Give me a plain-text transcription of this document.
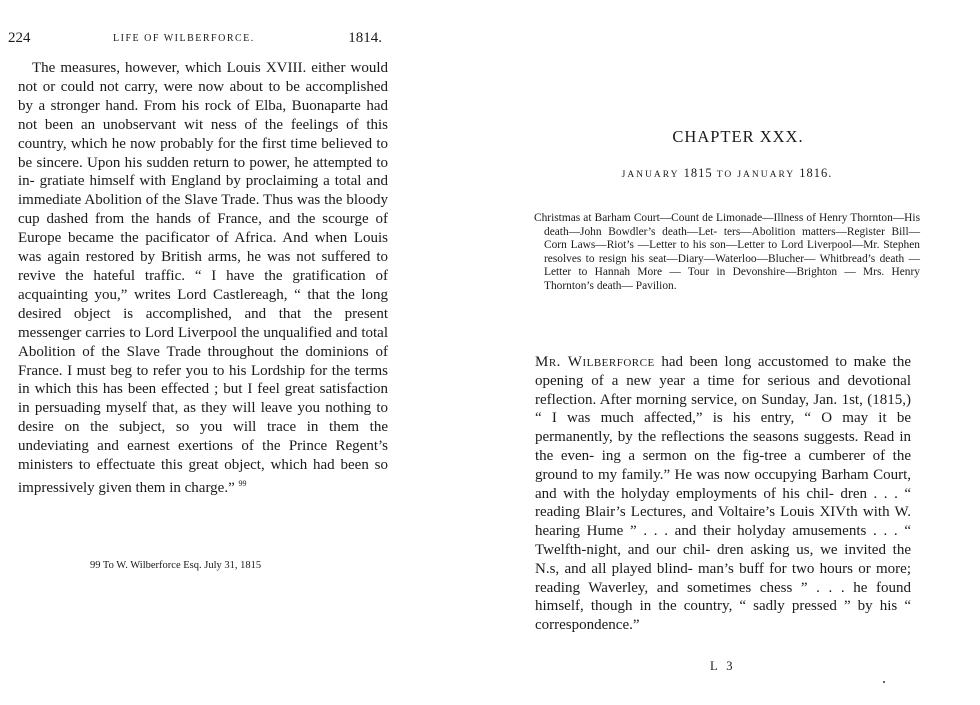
224	LIFE OF WILBERFORCE.	1814.
The measures, however, which Louis XVIII. either would not or could not carry, were now about to be accomplished by a stronger hand. From his rock of Elba, Buonaparte had not been an unobservant wit ness of the feelings of this country, which he now probably for the first time believed to be sincere. Upon his sudden return to power, he attempted to in- gratiate himself with England by proclaiming a total and immediate Abolition of the Slave Trade. Thus was the bloody cup dashed from the hands of France, and the scourge of Europe became the pacificator of Africa. And when Louis was again restored by British arms, he was not suffered to revive the hateful traffic. “ I have the gratification of acquainting you,” writes Lord Castlereagh, “ that the long desired object is accomplished, and that the present messenger carries to Lord Liverpool the unqualified and total Abolition of the Slave Trade throughout the dominions of France. I must beg to refer you to his Lordship for the terms in which this has been effected ; but I feel great satisfaction in persuading myself that, as they will leave you nothing to desire on the subject, so you will trace in them the undeviating and earnest exertions of the Prince Regent’s ministers to effectuate this great object, which had been so impressively given them in charge.” $^{99}$
99 To W. Wilberforce Esq. July 31, 1815
CHAPTER XXX.
JANUARY 1815 TO JANUARY 1816.
Christmas at Barham Court—Count de Limonade—Illness of Henry Thornton—His death—John Bowdler’s death—Let- ters—Abolition matters—Register Bill—Corn Laws—Riot’s —Letter to his son—Letter to Lord Liverpool—Mr. Stephen resolves to resign his seat—Diary—Waterloo—Blucher— Whitbread’s death — Letter to Hannah More — Tour in Devonshire—Brighton — Mrs. Henry Thornton’s death— Pavilion.
Mr. Wilberforce had been long accustomed to make the opening of a new year a time for serious and devotional reflection. After morning service, on Sunday, Jan. 1st, (1815,) “ I was much affected,” is his entry, “ O may it be permanently, by the reflections the seasons suggests. Read in the even- ing a sermon on the fig-tree a cumberer of the ground to my family.” He was now occupying Barham Court, and with the holyday employments of his chil- dren . . . “ reading Blair’s Lectures, and Voltaire’s Louis XIVth with W. hearing Hume ” . . . and their holyday amusements . . . “ Twelfth-night, and our chil- dren asking us, we invited the N.s, and all played blind- man’s buff for two hours or more; reading Waverley, and sometimes chess ” . . . he found himself, though in the country, “ sadly pressed ” by his “ correspondence.”
L 3
